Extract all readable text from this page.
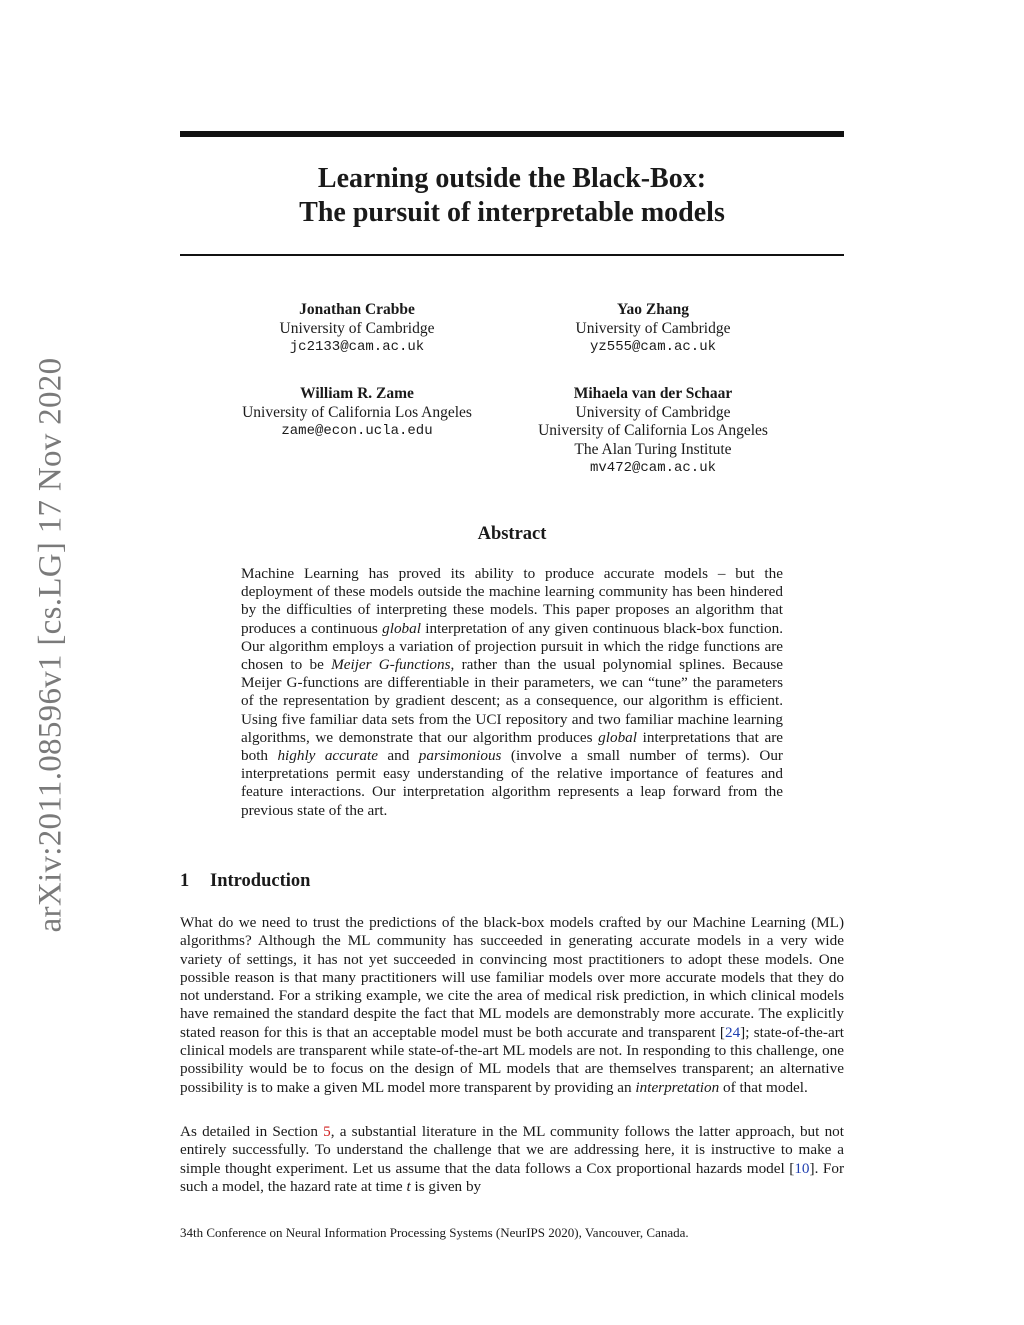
arXiv:2011.08596v1 [cs.LG] 17 Nov 2020
Learning outside the Black-Box:
The pursuit of interpretable models
Jonathan Crabbe
University of Cambridge
jc2133@cam.ac.uk
Yao Zhang
University of Cambridge
yz555@cam.ac.uk
William R. Zame
University of California Los Angeles
zame@econ.ucla.edu
Mihaela van der Schaar
University of Cambridge
University of California Los Angeles
The Alan Turing Institute
mv472@cam.ac.uk
Abstract

Machine Learning has proved its ability to produce accurate models – but the deployment of these models outside the machine learning community has been hindered by the difficulties of interpreting these models. This paper proposes an algorithm that produces a continuous global interpretation of any given continuous black-box function. Our algorithm employs a variation of projection pursuit in which the ridge functions are chosen to be Meijer G-functions, rather than the usual polynomial splines. Because Meijer G-functions are differentiable in their parameters, we can “tune” the parameters of the representation by gradient descent; as a consequence, our algorithm is efficient. Using five familiar data sets from the UCI repository and two familiar machine learning algorithms, we demonstrate that our algorithm produces global interpretations that are both highly accurate and parsimonious (involve a small number of terms). Our interpretations permit easy understanding of the relative importance of features and feature interactions. Our interpretation algorithm represents a leap forward from the previous state of the art.

1 Introduction

What do we need to trust the predictions of the black-box models crafted by our Machine Learning (ML) algorithms? Although the ML community has succeeded in generating accurate models in a very wide variety of settings, it has not yet succeeded in convincing most practitioners to adopt these models. One possible reason is that many practitioners will use familiar models over more accurate models that they do not understand. For a striking example, we cite the area of medical risk prediction, in which clinical models have remained the standard despite the fact that ML models are demonstrably more accurate. The explicitly stated reason for this is that an acceptable model must be both accurate and transparent [24]; state-of-the-art clinical models are transparent while state-of-the-art ML models are not. In responding to this challenge, one possibility would be to focus on the design of ML models that are themselves transparent; an alternative possibility is to make a given ML model more transparent by providing an interpretation of that model.

As detailed in Section 5, a substantial literature in the ML community follows the latter approach, but not entirely successfully. To understand the challenge that we are addressing here, it is instructive to make a simple thought experiment. Let us assume that the data follows a Cox proportional hazards model [10]. For such a model, the hazard rate at time t is given by

34th Conference on Neural Information Processing Systems (NeurIPS 2020), Vancouver, Canada.
